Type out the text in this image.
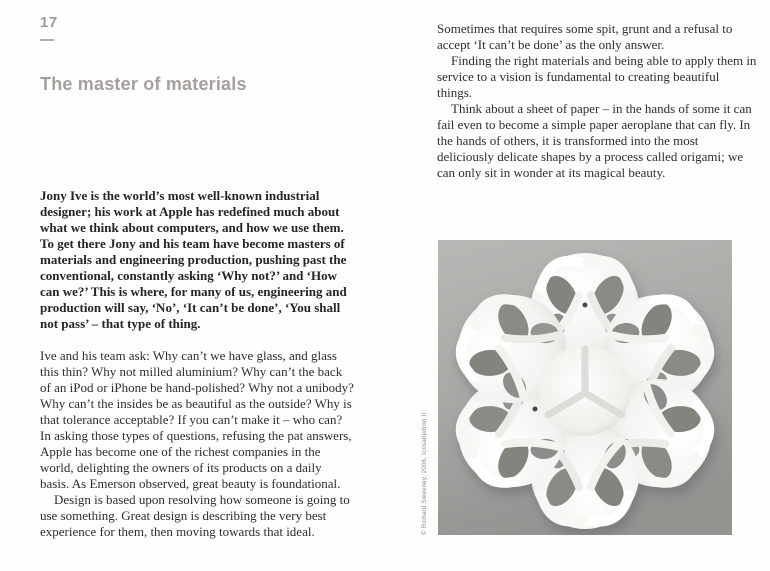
17
The master of materials

Jony Ive is the world’s most well-known industrial designer; his work at Apple has redefined much about what we think about computers, and how we use them. To get there Jony and his team have become masters of materials and engineering production, pushing past the conventional, constantly asking ‘Why not?’ and ‘How can we?’ This is where, for many of us, engineering and production will say, ‘No’, ‘It can’t be done’, ‘You shall not pass’ – that type of thing.

Ive and his team ask: Why can’t we have glass, and glass this thin? Why not milled aluminium? Why can’t the back of an iPod or iPhone be hand-polished? Why not a unibody? Why can’t the insides be as beautiful as the outside? Why is that tolerance acceptable? If you can’t make it – who can? In asking those types of questions, refusing the pat answers, Apple has become one of the richest companies in the world, delighting the owners of its products on a daily basis. As Emerson observed, great beauty is foundational.

Design is based upon resolving how someone is going to use something. Great design is describing the very best experience for them, then moving towards that ideal.

Sometimes that requires some spit, grunt and a refusal to accept ‘It can’t be done’ as the only answer.

Finding the right materials and being able to apply them in service to a vision is fundamental to creating beautiful things.

Think about a sheet of paper – in the hands of some it can fail even to become a simple paper aeroplane that can fly. In the hands of others, it is transformed into the most deliciously delicate shapes by a process called origami; we can only sit in wonder at its magical beauty.

© Richard Sweeney, 2006, Icosahedron II
